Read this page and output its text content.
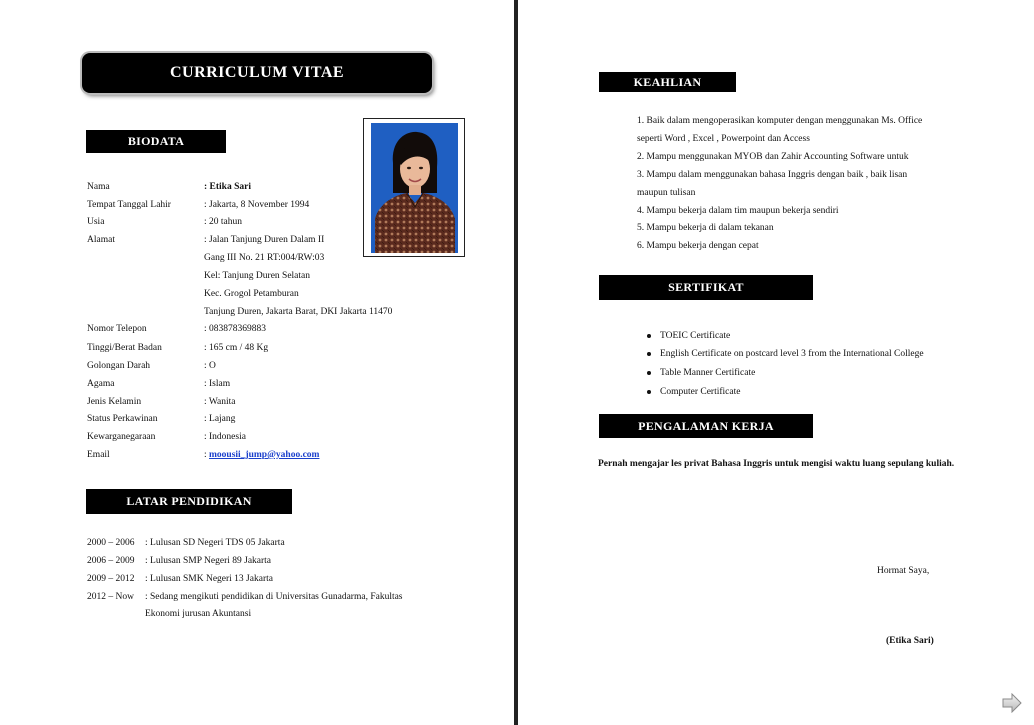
CURRICULUM VITAE
BIODATA
Nama	: Etika Sari
Tempat Tanggal Lahir	: Jakarta, 8 November 1994
Usia	: 20 tahun
Alamat	: Jalan Tanjung Duren Dalam II
Gang III No. 21 RT:004/RW:03
Kel: Tanjung Duren Selatan
Kec. Grogol Petamburan
Tanjung Duren, Jakarta Barat, DKI Jakarta 11470
Nomor Telepon	: 083878369883
Tinggi/Berat Badan	: 165 cm / 48 Kg
Golongan Darah	: O
Agama	: Islam
Jenis Kelamin	: Wanita
Status Perkawinan	: Lajang
Kewarganegaraan	: Indonesia
Email	: moousii_jump@yahoo.com
LATAR PENDIDIKAN
2000 – 2006 : Lulusan SD Negeri TDS 05 Jakarta
2006 – 2009 : Lulusan SMP Negeri 89 Jakarta
2009 – 2012 : Lulusan SMK Negeri 13 Jakarta
2012 – Now : Sedang mengikuti pendidikan di Universitas Gunadarma, Fakultas
Ekonomi jurusan Akuntansi
KEAHLIAN
1. Baik dalam mengoperasikan komputer dengan menggunakan Ms. Office
seperti Word , Excel , Powerpoint dan Access
2. Mampu menggunakan MYOB dan Zahir Accounting Software untuk
3. Mampu dalam menggunakan bahasa Inggris dengan baik , baik lisan
maupun tulisan
4. Mampu bekerja dalam tim maupun bekerja sendiri
5. Mampu bekerja di dalam tekanan
6. Mampu bekerja dengan cepat
SERTIFIKAT
TOEIC Certificate
English Certificate on postcard level 3 from the International College
Table Manner Certificate
Computer Certificate
PENGALAMAN KERJA
Pernah mengajar les privat Bahasa Inggris untuk mengisi waktu luang sepulang kuliah.
Hormat Saya,
(Etika Sari)
